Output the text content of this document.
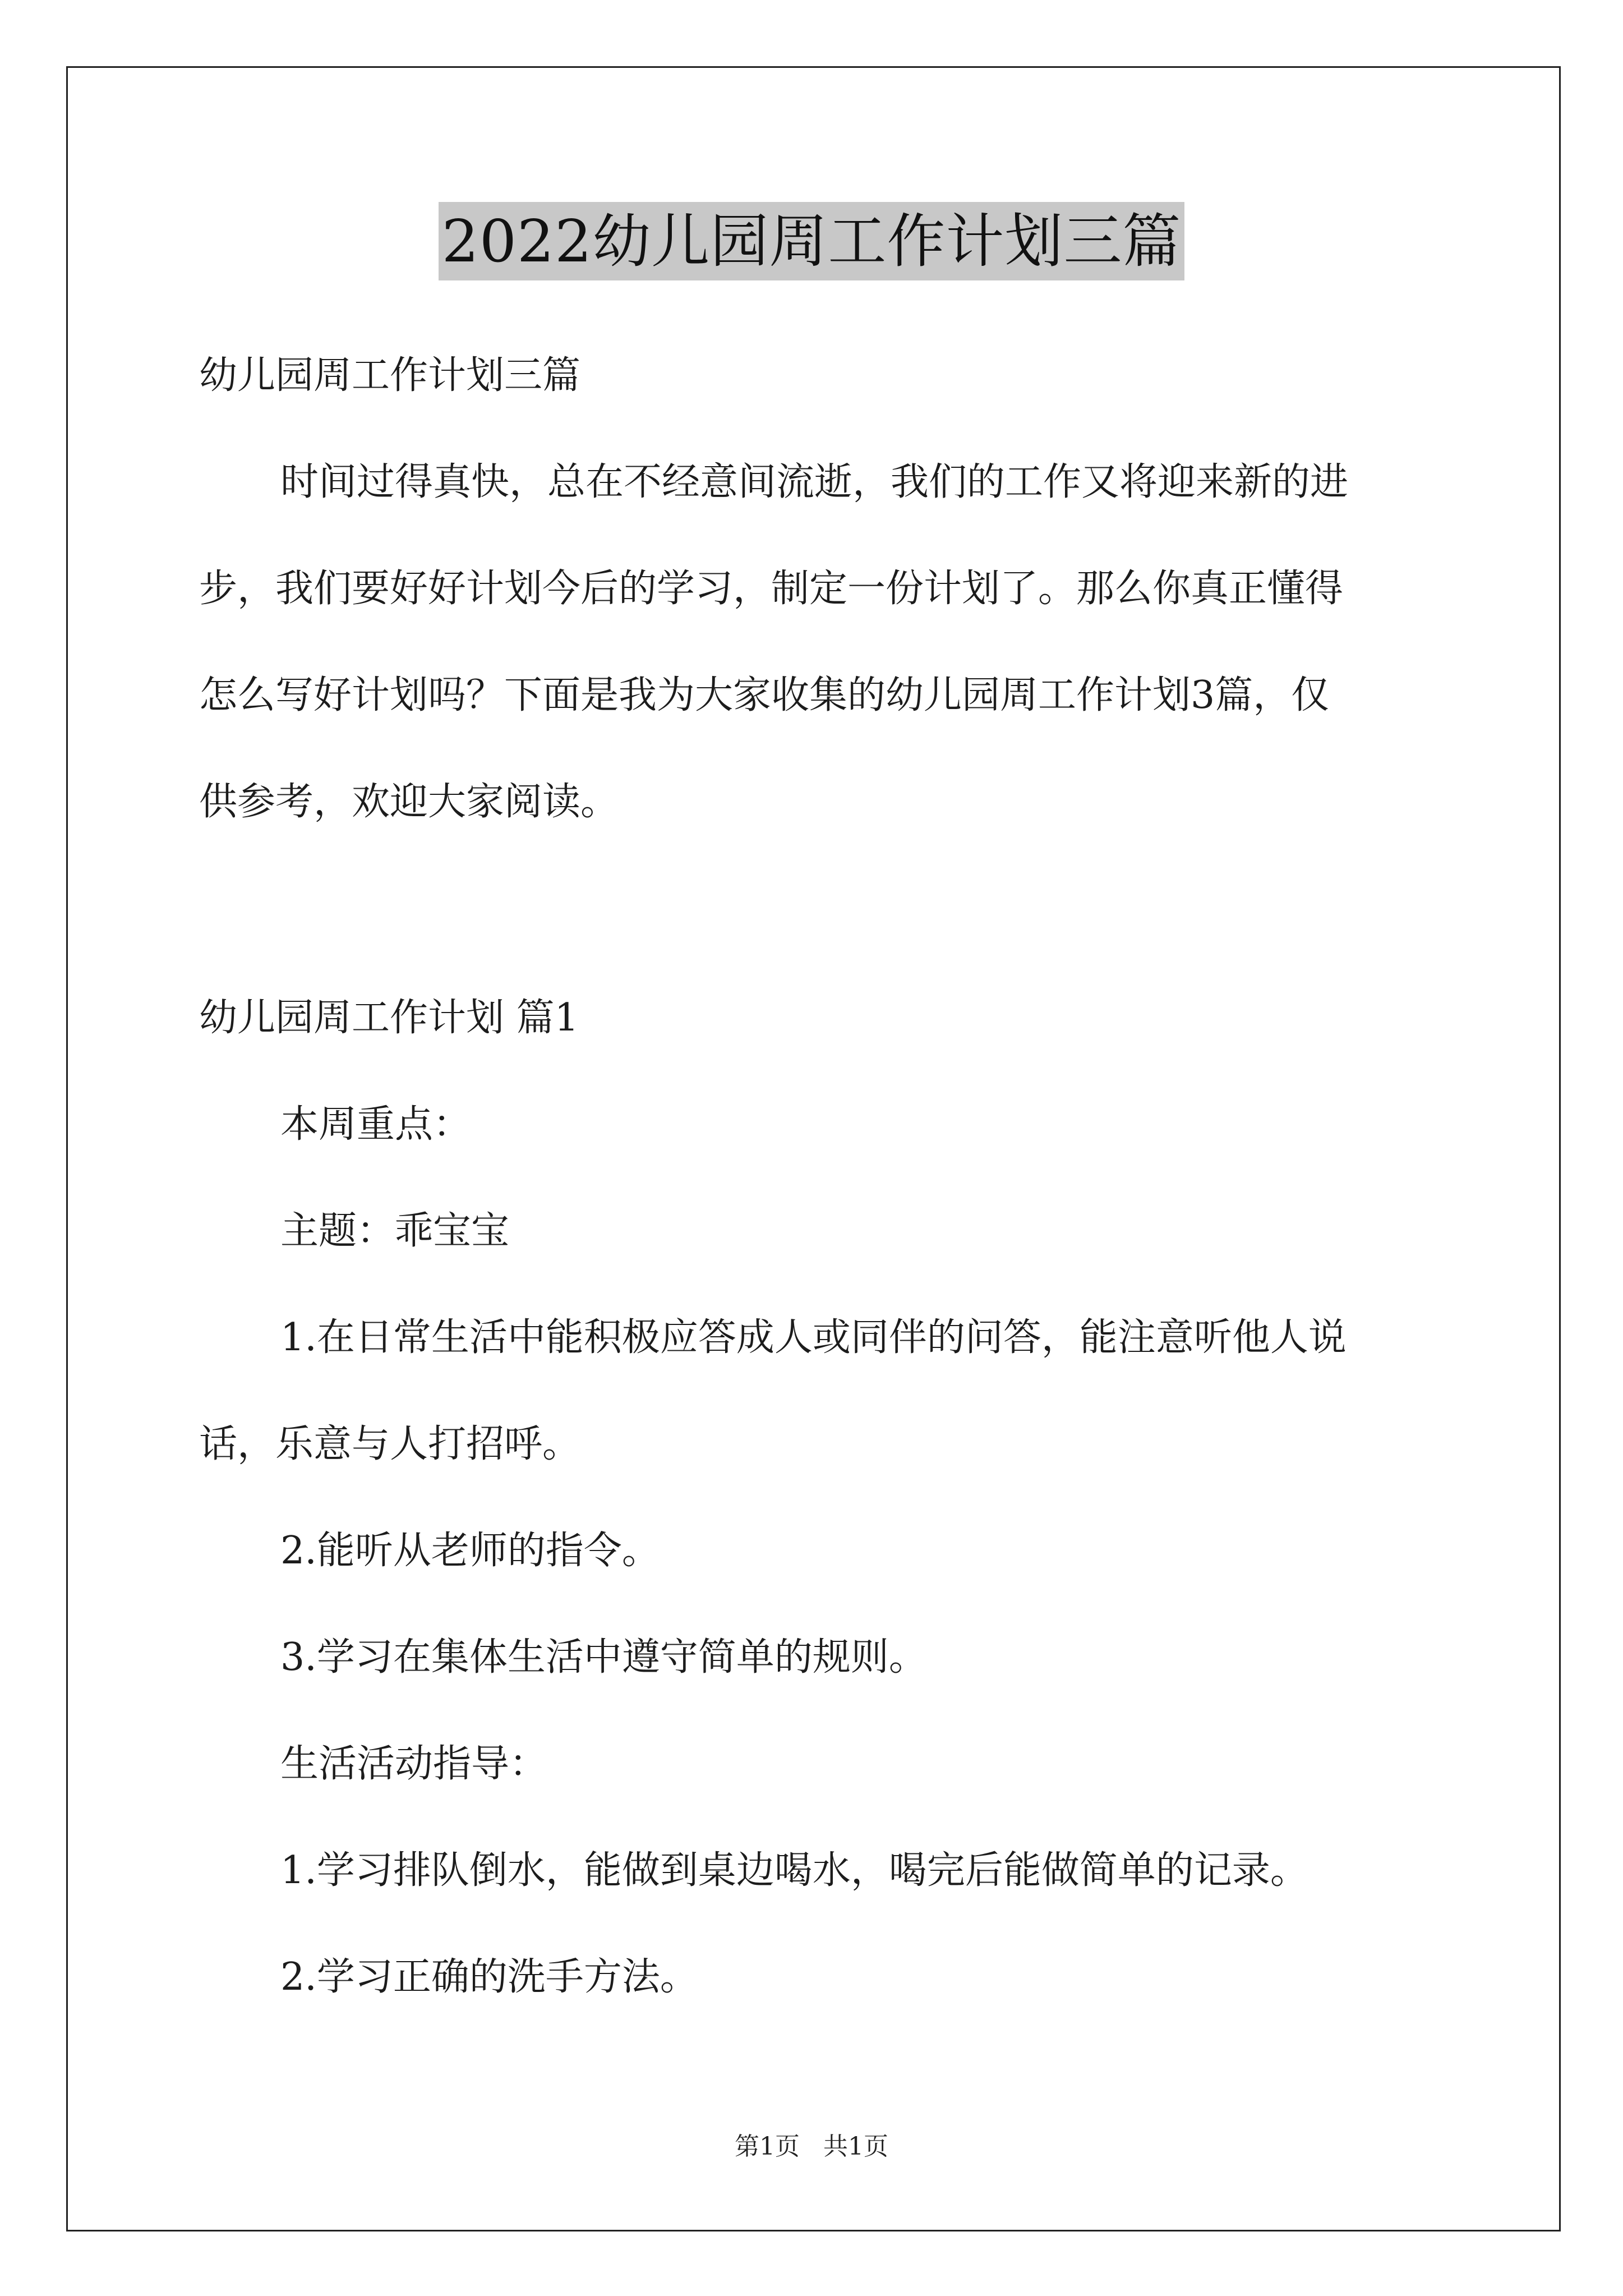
2022幼儿园周工作计划三篇
幼儿园周工作计划三篇
时间过得真快，总在不经意间流逝，我们的工作又将迎来新的进
步，我们要好好计划今后的学习，制定一份计划了。那么你真正懂得
怎么写好计划吗？下面是我为大家收集的幼儿园周工作计划3篇，仅
供参考，欢迎大家阅读。
幼儿园周工作计划 篇1
本周重点：
主题：乖宝宝
1.在日常生活中能积极应答成人或同伴的问答，能注意听他人说
话，乐意与人打招呼。
2.能听从老师的指令。
3.学习在集体生活中遵守简单的规则。
生活活动指导：
1.学习排队倒水，能做到桌边喝水，喝完后能做简单的记录。
2.学习正确的洗手方法。
第1页   共1页
